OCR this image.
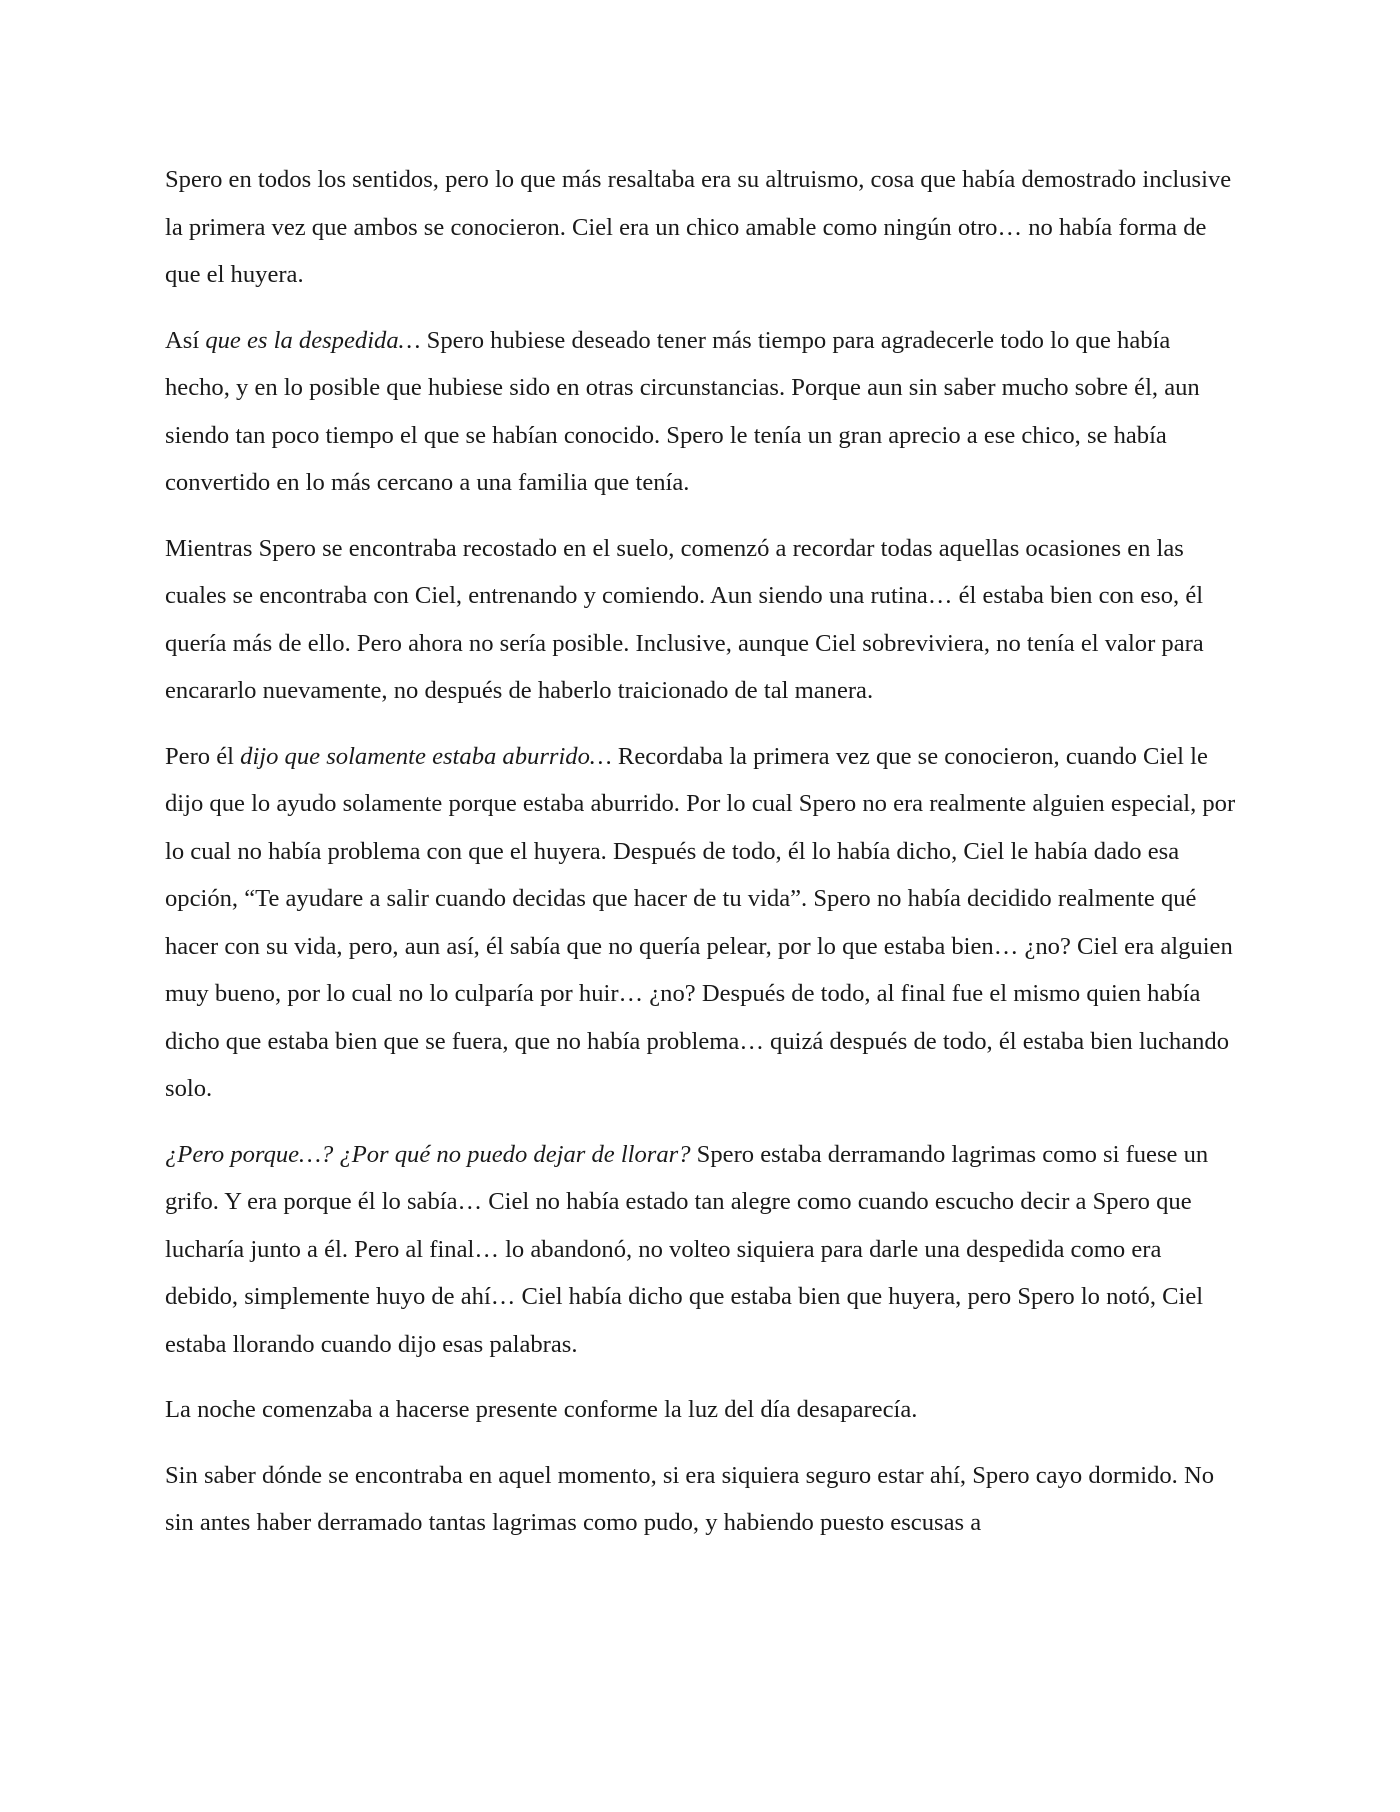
Spero en todos los sentidos, pero lo que más resaltaba era su altruismo, cosa que había demostrado inclusive la primera vez que ambos se conocieron. Ciel era un chico amable como ningún otro… no había forma de que el huyera.

Así que es la despedida… Spero hubiese deseado tener más tiempo para agradecerle todo lo que había hecho, y en lo posible que hubiese sido en otras circunstancias. Porque aun sin saber mucho sobre él, aun siendo tan poco tiempo el que se habían conocido. Spero le tenía un gran aprecio a ese chico, se había convertido en lo más cercano a una familia que tenía.

Mientras Spero se encontraba recostado en el suelo, comenzó a recordar todas aquellas ocasiones en las cuales se encontraba con Ciel, entrenando y comiendo. Aun siendo una rutina… él estaba bien con eso, él quería más de ello. Pero ahora no sería posible. Inclusive, aunque Ciel sobreviviera, no tenía el valor para encararlo nuevamente, no después de haberlo traicionado de tal manera.

Pero él dijo que solamente estaba aburrido… Recordaba la primera vez que se conocieron, cuando Ciel le dijo que lo ayudo solamente porque estaba aburrido. Por lo cual Spero no era realmente alguien especial, por lo cual no había problema con que el huyera. Después de todo, él lo había dicho, Ciel le había dado esa opción, “Te ayudare a salir cuando decidas que hacer de tu vida”. Spero no había decidido realmente qué hacer con su vida, pero, aun así, él sabía que no quería pelear, por lo que estaba bien… ¿no? Ciel era alguien muy bueno, por lo cual no lo culparía por huir… ¿no? Después de todo, al final fue el mismo quien había dicho que estaba bien que se fuera, que no había problema… quizá después de todo, él estaba bien luchando solo.

¿Pero porque…? ¿Por qué no puedo dejar de llorar? Spero estaba derramando lagrimas como si fuese un grifo. Y era porque él lo sabía… Ciel no había estado tan alegre como cuando escucho decir a Spero que lucharía junto a él. Pero al final… lo abandonó, no volteo siquiera para darle una despedida como era debido, simplemente huyo de ahí… Ciel había dicho que estaba bien que huyera, pero Spero lo notó, Ciel estaba llorando cuando dijo esas palabras.

La noche comenzaba a hacerse presente conforme la luz del día desaparecía.

Sin saber dónde se encontraba en aquel momento, si era siquiera seguro estar ahí, Spero cayo dormido. No sin antes haber derramado tantas lagrimas como pudo, y habiendo puesto escusas a
